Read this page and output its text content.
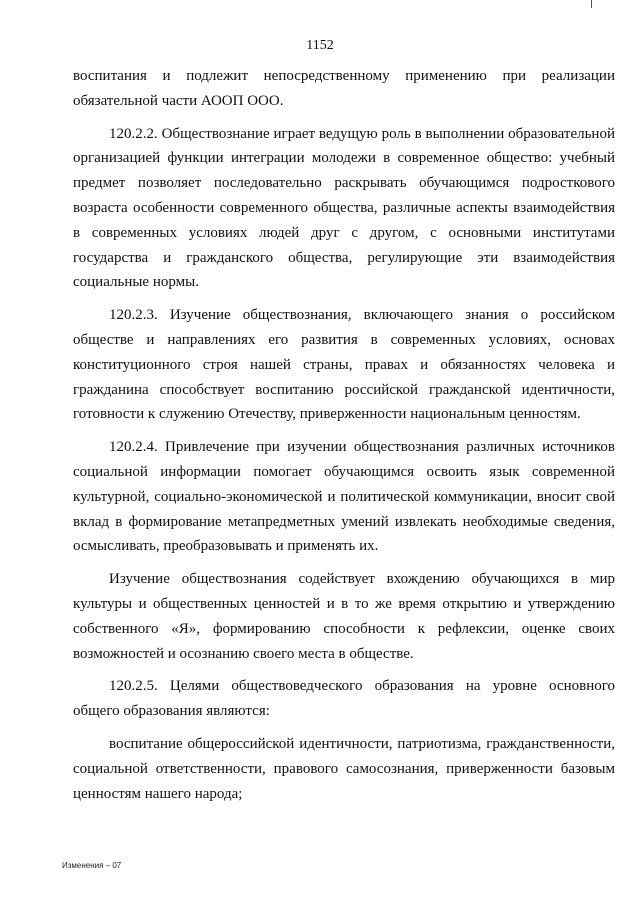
1152

воспитания и подлежит непосредственному применению при реализации обязательной части АООП ООО.

120.2.2. Обществознание играет ведущую роль в выполнении образовательной организацией функции интеграции молодежи в современное общество: учебный предмет позволяет последовательно раскрывать обучающимся подросткового возраста особенности современного общества, различные аспекты взаимодействия в современных условиях людей друг с другом, с основными институтами государства и гражданского общества, регулирующие эти взаимодействия социальные нормы.

120.2.3. Изучение обществознания, включающего знания о российском обществе и направлениях его развития в современных условиях, основах конституционного строя нашей страны, правах и обязанностях человека и гражданина способствует воспитанию российской гражданской идентичности, готовности к служению Отечеству, приверженности национальным ценностям.

120.2.4. Привлечение при изучении обществознания различных источников социальной информации помогает обучающимся освоить язык современной культурной, социально-экономической и политической коммуникации, вносит свой вклад в формирование метапредметных умений извлекать необходимые сведения, осмысливать, преобразовывать и применять их.

Изучение обществознания содействует вхождению обучающихся в мир культуры и общественных ценностей и в то же время открытию и утверждению собственного «Я», формированию способности к рефлексии, оценке своих возможностей и осознанию своего места в обществе.

120.2.5. Целями обществоведческого образования на уровне основного общего образования являются:

воспитание общероссийской идентичности, патриотизма, гражданственности, социальной ответственности, правового самосознания, приверженности базовым ценностям нашего народа;

Изменения – 07
